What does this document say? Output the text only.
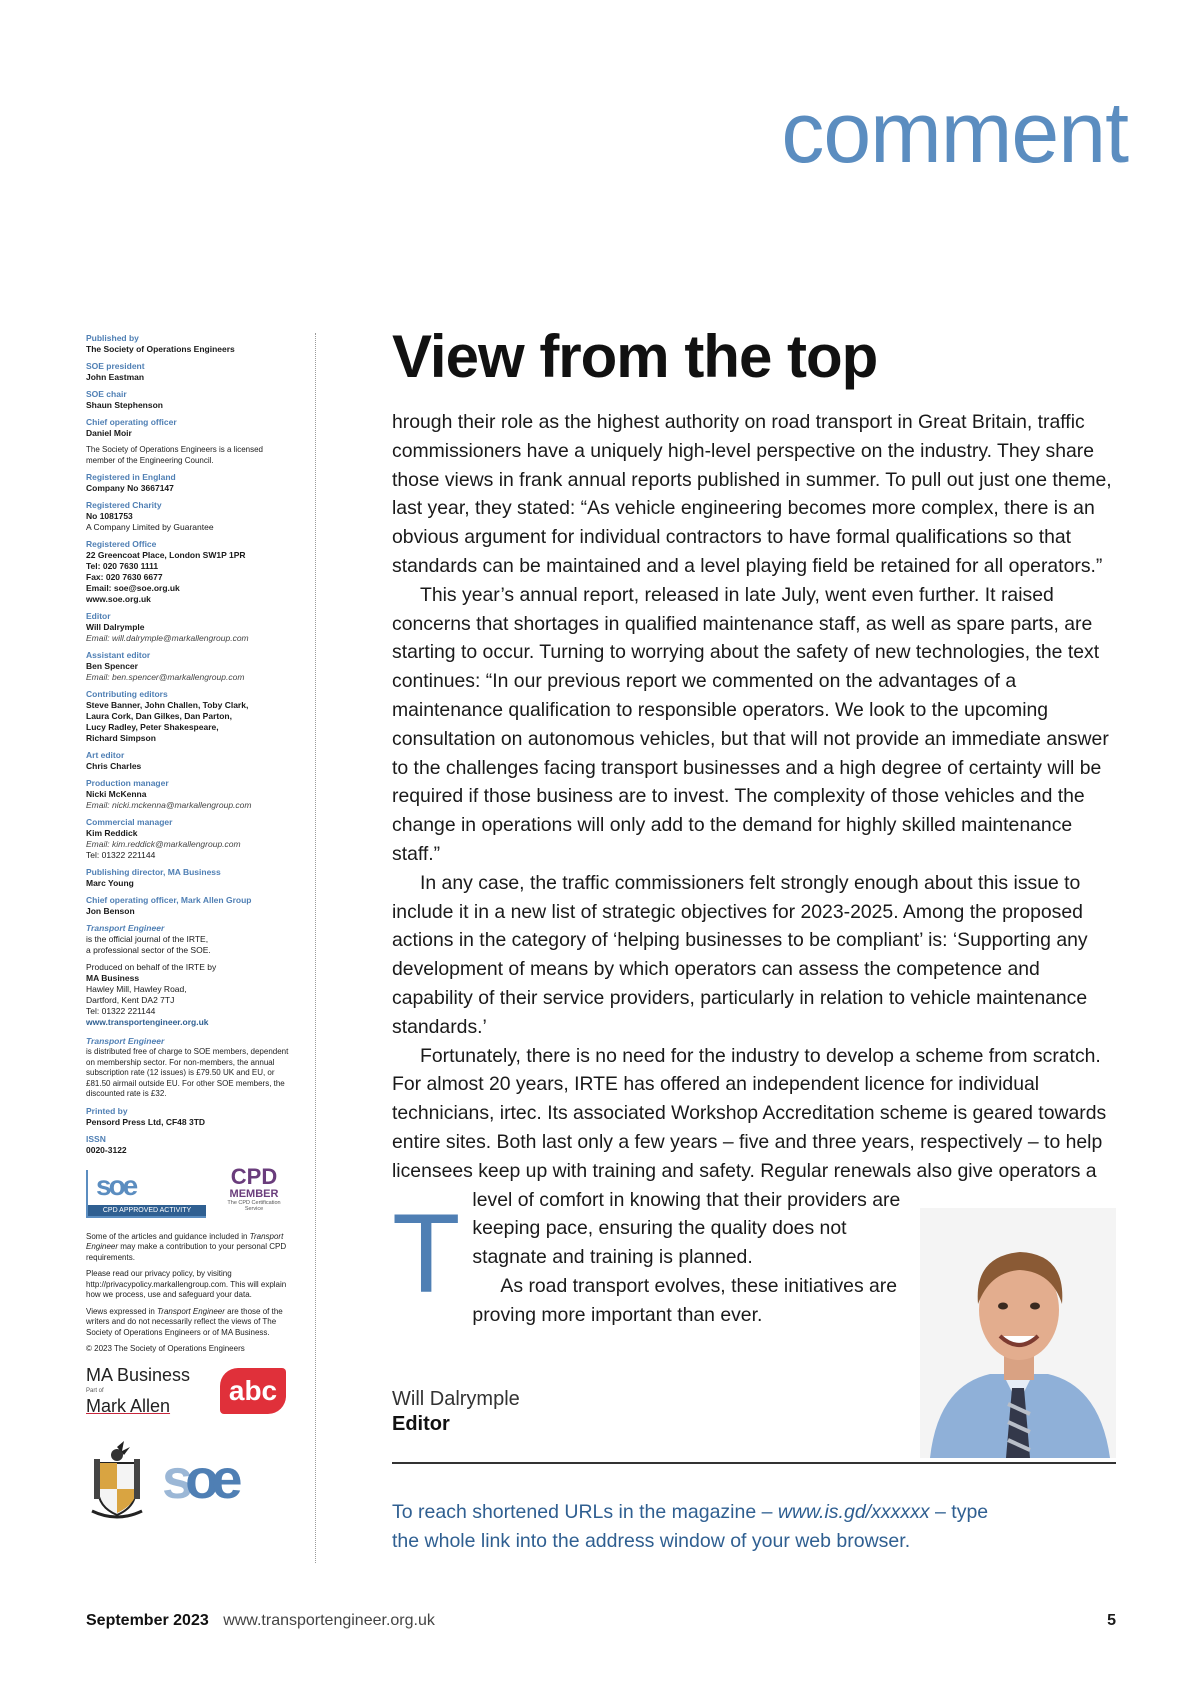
comment
Published by
The Society of Operations Engineers
SOE president
John Eastman
SOE chair
Shaun Stephenson
Chief operating officer
Daniel Moir
The Society of Operations Engineers is a licensed member of the Engineering Council.
Registered in England
Company No 3667147
Registered Charity
No 1081753
A Company Limited by Guarantee
Registered Office
22 Greencoat Place, London SW1P 1PR
Tel: 020 7630 1111
Fax: 020 7630 6677
Email: soe@soe.org.uk
www.soe.org.uk
Editor
Will Dalrymple
Email: will.dalrymple@markallengroup.com
Assistant editor
Ben Spencer
Email: ben.spencer@markallengroup.com
Contributing editors
Steve Banner, John Challen, Toby Clark,
Laura Cork, Dan Gilkes, Dan Parton,
Lucy Radley, Peter Shakespeare,
Richard Simpson
Art editor
Chris Charles
Production manager
Nicki McKenna
Email: nicki.mckenna@markallengroup.com
Commercial manager
Kim Reddick
Email: kim.reddick@markallengroup.com
Tel: 01322 221144
Publishing director, MA Business
Marc Young
Chief operating officer, Mark Allen Group
Jon Benson
Transport Engineer
is the official journal of the IRTE,
a professional sector of the SOE.
Produced on behalf of the IRTE by
MA Business
Hawley Mill, Hawley Road,
Dartford, Kent DA2 7TJ
Tel: 01322 221144
www.transportengineer.org.uk
Transport Engineer
is distributed free of charge to SOE members, dependent on membership sector. For non-members, the annual subscription rate (12 issues) is £79.50 UK and EU, or £81.50 airmail outside EU. For other SOE members, the discounted rate is £32.
Printed by
Pensord Press Ltd, CF48 3TD
ISSN
0020-3122
soe
CPD APPROVED ACTIVITY
CPD
MEMBER
The CPD Certification Service
Some of the articles and guidance included in Transport Engineer may make a contribution to your personal CPD requirements.
Please read our privacy policy, by visiting http://privacypolicy.markallengroup.com. This will explain how we process, use and safeguard your data.
Views expressed in Transport Engineer are those of the writers and do not necessarily reflect the views of The Society of Operations Engineers or of MA Business.
© 2023 The Society of Operations Engineers
MA Business
Part of
Mark Allen	abc
soe
View from the top

T
hrough their role as the highest authority on road transport in Great Britain, traffic commissioners have a uniquely high-level perspective on the industry. They share those views in frank annual reports published in summer. To pull out just one theme, last year, they stated: “As vehicle engineering becomes more complex, there is an obvious argument for individual contractors to have formal qualifications so that standards can be maintained and a level playing field be retained for all operators.”

This year’s annual report, released in late July, went even further. It raised concerns that shortages in qualified maintenance staff, as well as spare parts, are starting to occur. Turning to worrying about the safety of new technologies, the text continues: “In our previous report we commented on the advantages of a maintenance qualification to responsible operators. We look to the upcoming consultation on autonomous vehicles, but that will not provide an immediate answer to the challenges facing transport businesses and a high degree of certainty will be required if those business are to invest. The complexity of those vehicles and the change in operations will only add to the demand for highly skilled maintenance staff.”

In any case, the traffic commissioners felt strongly enough about this issue to include it in a new list of strategic objectives for 2023-2025. Among the proposed actions in the category of ‘helping businesses to be compliant’ is: ‘Supporting any development of means by which operators can assess the competence and capability of their service providers, particularly in relation to vehicle maintenance standards.’

Fortunately, there is no need for the industry to develop a scheme from scratch. For almost 20 years, IRTE has offered an independent licence for individual technicians, irtec. Its associated Workshop Accreditation scheme is geared towards entire sites. Both last only a few years – five and three years, respectively – to help licensees keep up with training and safety. Regular renewals also give operators a level of comfort in knowing that their providers are keeping pace, ensuring the quality does not stagnate and training is planned.

As road transport evolves, these initiatives are proving more important than ever.

Will Dalrymple
Editor
To reach shortened URLs in the magazine – www.is.gd/xxxxxx – type the whole link into the address window of your web browser.
September 2023 www.transportengineer.org.uk	5
